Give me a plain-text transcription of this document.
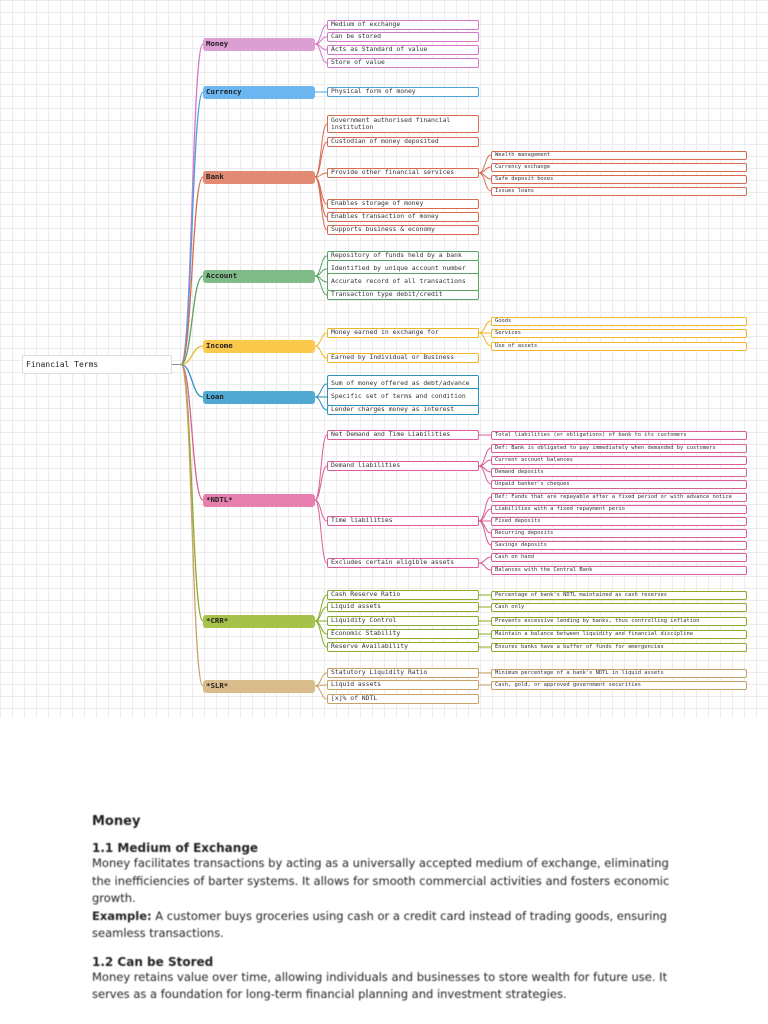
Financial Terms
Money
Medium of exchange
Can be stored
Acts as Standard of value
Store of value
Currency	Physical form of money
Bank
Government authorised financial institution
Custodian of money deposited
Provide other financial services
Wealth management
Currency exchange
Safe deposit boxes
Issues loans
Enables storage of money
Enables transaction of money
Supports business & economy
Account
Repository of funds held by a bank
Identified by unique account number
Accurate record of all transactions
Transaction type debit/credit
Income
Money earned in exchange for
Goods
Services
Use of assets
Earned by Individual or Business
Loan
Sum of money offered as debt/advance
Specific set of terms and condition
Lender charges money as interest
*NDTL*
Net Demand and Time Liabilities	Total liabilities (or obligations) of bank to its customers
Demand liabilities
Def: Bank is obligated to pay immediately when demanded by customers
Current account balances
Demand deposits
Unpaid banker's cheques
Time liabilities
Def: Funds that are repayable after a fixed period or with advance notice
Liabilities with a fixed repayment perio
Fixed deposits
Recurring deposits
Savings deposits
Excludes certain eligible assets
Cash on hand
Balances with the Central Bank
*CRR*
Cash Reserve Ratio	Percentage of bank's NDTL maintained as cash reserves
Liquid assets	Cash only
Liquidity Control	Prevents excessive lending by banks, thus controlling inflation
Economic Stability	Maintain a balance between liquidity and financial discipline
Reserve Availability	Ensures banks have a buffer of funds for emergencies
*SLR*
Statutory Liquidity Ratio	Minimum percentage of a bank's NDTL in liquid assets
Liquid assets	Cash, gold, or approved government securities
[x]% of NDTL
Money
1.1 Medium of Exchange

Money facilitates transactions by acting as a universally accepted medium of exchange, eliminating the inefficiencies of barter systems. It allows for smooth commercial activities and fosters economic growth.

Example: A customer buys groceries using cash or a credit card instead of trading goods, ensuring seamless transactions.

1.2 Can be Stored

Money retains value over time, allowing individuals and businesses to store wealth for future use. It serves as a foundation for long-term financial planning and investment strategies.
